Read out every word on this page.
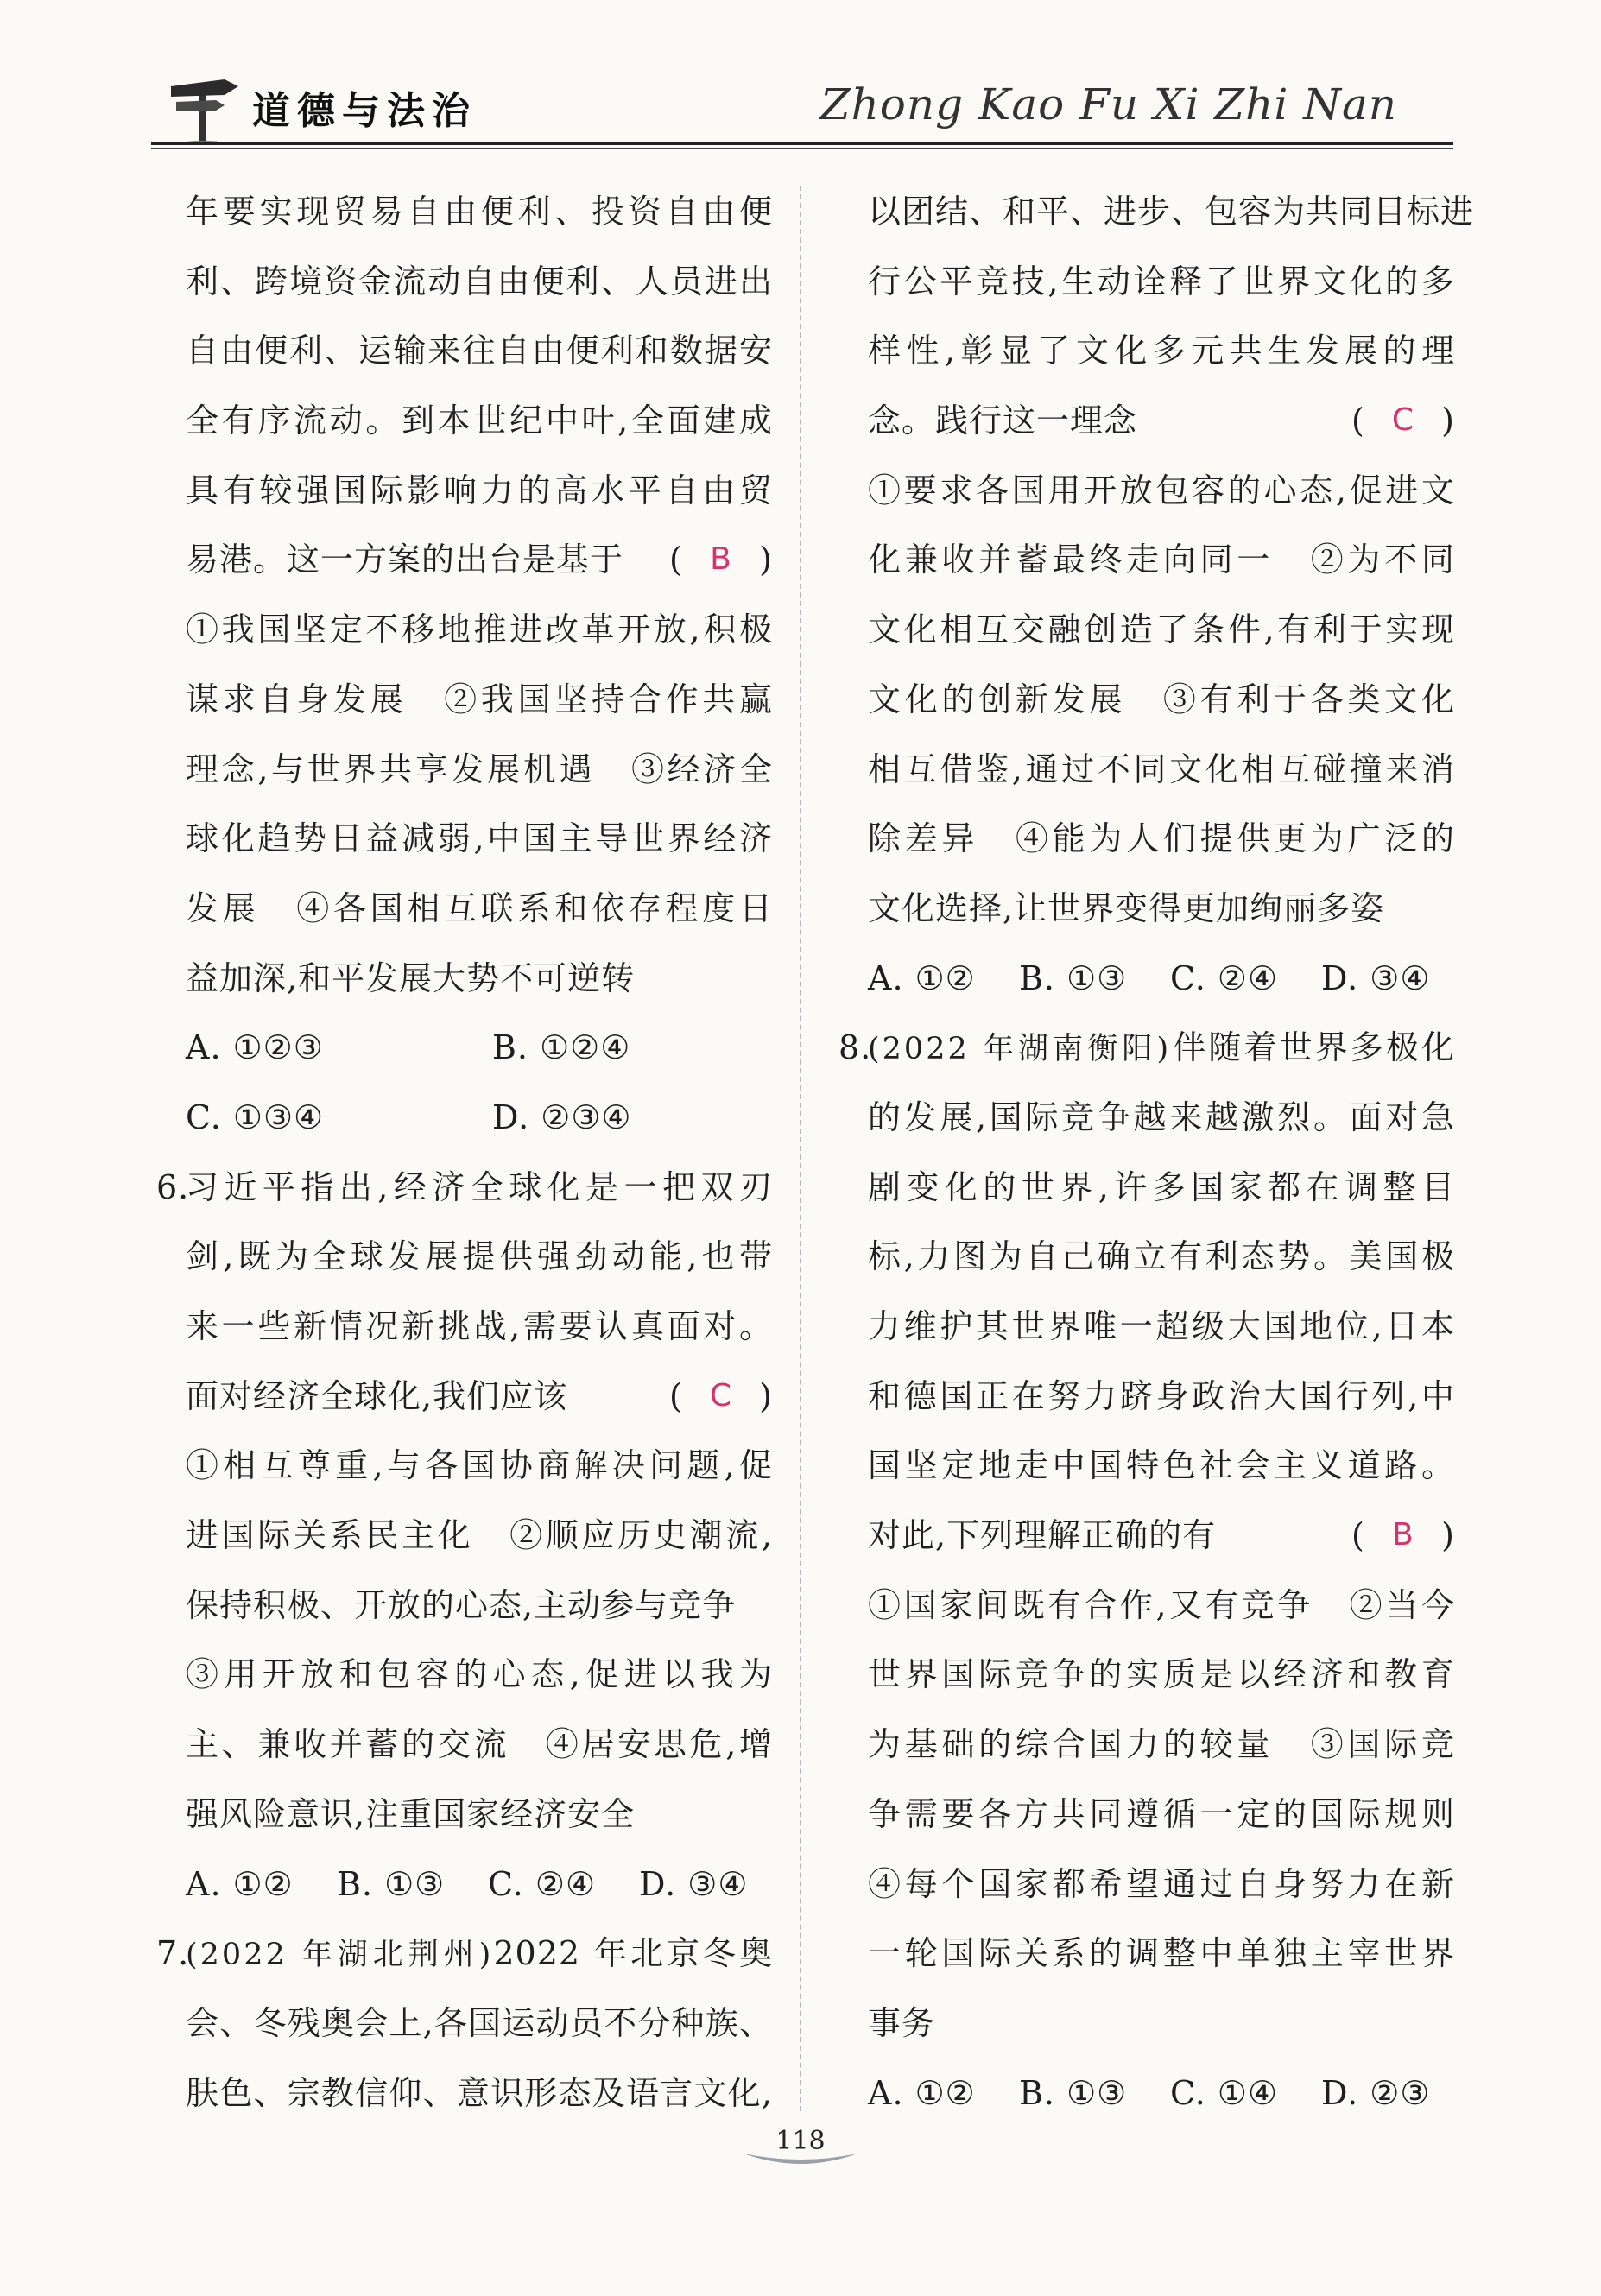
道德与法治	Zhong Kao Fu Xi Zhi Nan
年要实现贸易自由便利、投资自由便
利、跨境资金流动自由便利、人员进出
自由便利、运输来往自由便利和数据安
全有序流动。到本世纪中叶,全面建成
具有较强国际影响力的高水平自由贸
易港。这一方案的出台是基于 ( B )
①我国坚定不移地推进改革开放,积极
谋求自身发展　②我国坚持合作共赢
理念,与世界共享发展机遇　③经济全
球化趋势日益减弱,中国主导世界经济
发展　④各国相互联系和依存程度日
益加深,和平发展大势不可逆转
A. ①②③	B. ①②④
C. ①③④	D. ②③④
6.
习近平指出,经济全球化是一把双刃
剑,既为全球发展提供强劲动能,也带
来一些新情况新挑战,需要认真面对。
面对经济全球化,我们应该	( C )
①相互尊重,与各国协商解决问题,促
进国际关系民主化　②顺应历史潮流,
保持积极、开放的心态,主动参与竞争
③用开放和包容的心态,促进以我为
主、兼收并蓄的交流　④居安思危,增
强风险意识,注重国家经济安全
A. ①②	B. ①③	C. ②④	D. ③④
7.
(2022 年湖北荆州)2022 年北京冬奥
会、冬残奥会上,各国运动员不分种族、
肤色、宗教信仰、意识形态及语言文化,
以团结、和平、进步、包容为共同目标进
行公平竞技,生动诠释了世界文化的多
样性,彰显了文化多元共生发展的理
念。践行这一理念	( C )
①要求各国用开放包容的心态,促进文
化兼收并蓄最终走向同一　②为不同
文化相互交融创造了条件,有利于实现
文化的创新发展　③有利于各类文化
相互借鉴,通过不同文化相互碰撞来消
除差异　④能为人们提供更为广泛的
文化选择,让世界变得更加绚丽多姿
A. ①②	B. ①③	C. ②④	D. ③④
8.
(2022 年湖南衡阳)伴随着世界多极化
的发展,国际竞争越来越激烈。面对急
剧变化的世界,许多国家都在调整目
标,力图为自己确立有利态势。美国极
力维护其世界唯一超级大国地位,日本
和德国正在努力跻身政治大国行列,中
国坚定地走中国特色社会主义道路。
对此,下列理解正确的有	( B )
①国家间既有合作,又有竞争　②当今
世界国际竞争的实质是以经济和教育
为基础的综合国力的较量　③国际竞
争需要各方共同遵循一定的国际规则
④每个国家都希望通过自身努力在新
一轮国际关系的调整中单独主宰世界
事务
A. ①②	B. ①③	C. ①④	D. ②③
118
